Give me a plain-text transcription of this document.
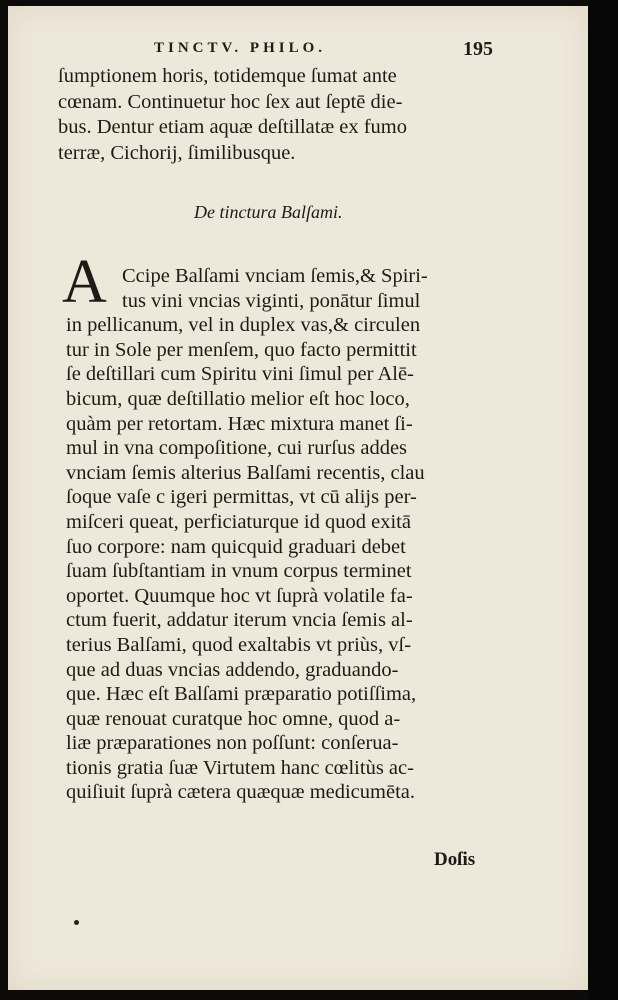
TINCTV. PHILO.	195
ſumptionem horis, totidemque ſumat ante
cœnam. Continuetur hoc ſex aut ſeptē die-
bus. Dentur etiam aquæ deſtillatæ ex fumo
terræ, Cichorij, ſimilibusque.
De tinctura Balſami.
A Ccipe Balſami vnciam ſemis,& Spiri-
tus vini vncias viginti, ponātur ſimul
in pellicanum, vel in duplex vas,& circulen
tur in Sole per menſem, quo facto permittit
ſe deſtillari cum Spiritu vini ſimul per Alē-
bicum, quæ deſtillatio melior eſt hoc loco,
quàm per retortam. Hæc mixtura manet ſi-
mul in vna compoſitione, cui rurſus addes
vnciam ſemis alterius Balſami recentis, clau
ſoque vaſe c igeri permittas, vt cū alijs per-
miſceri queat, perficiaturque id quod exitā
ſuo corpore: nam quicquid graduari debet
ſuam ſubſtantiam in vnum corpus terminet
oportet. Quumque hoc vt ſuprà volatile fa-
ctum fuerit, addatur iterum vncia ſemis al-
terius Balſami, quod exaltabis vt priùs, vſ-
que ad duas vncias addendo, graduando-
que. Hæc eſt Balſami præparatio potiſſima,
quæ renouat curatque hoc omne, quod a-
liæ præparationes non poſſunt: conſerua-
tionis gratia ſuæ Virtutem hanc cœlitùs ac-
quiſiuit ſuprà cætera quæquæ medicumēta.
Doſis
